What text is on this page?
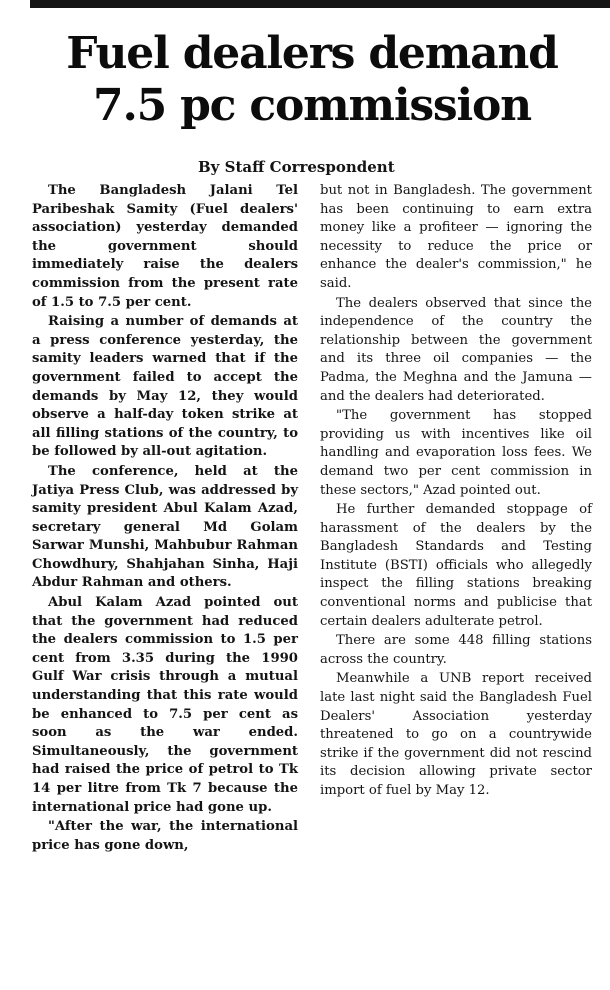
Fuel dealers demand
7.5 pc commission
By Staff Correspondent

The Bangladesh Jalani Tel Paribeshak Samity (Fuel dealers' association) yesterday demanded the government should immediately raise the dealers commission from the present rate of 1.5 to 7.5 per cent.

Raising a number of demands at a press conference yesterday, the samity leaders warned that if the government failed to accept the demands by May 12, they would observe a half-day token strike at all filling stations of the country, to be followed by all-out agitation.

The conference, held at the Jatiya Press Club, was addressed by samity president Abul Kalam Azad, secretary general Md Golam Sarwar Munshi, Mahbubur Rahman Chowdhury, Shahjahan Sinha, Haji Abdur Rahman and others.

Abul Kalam Azad pointed out that the government had reduced the dealers commission to 1.5 per cent from 3.35 during the 1990 Gulf War crisis through a mutual understanding that this rate would be enhanced to 7.5 per cent as soon as the war ended. Simultaneously, the government had raised the price of petrol to Tk 14 per litre from Tk 7 because the international price had gone up.

"After the war, the international price has gone down,

but not in Bangladesh. The government has been continuing to earn extra money like a profiteer — ignoring the necessity to reduce the price or enhance the dealer's commission," he said.

The dealers observed that since the independence of the country the relationship between the government and its three oil companies — the Padma, the Meghna and the Jamuna — and the dealers had deteriorated.

"The government has stopped providing us with incentives like oil handling and evaporation loss fees. We demand two per cent commission in these sectors," Azad pointed out.

He further demanded stoppage of harassment of the dealers by the Bangladesh Standards and Testing Institute (BSTI) officials who allegedly inspect the filling stations breaking conventional norms and publicise that certain dealers adulterate petrol.

There are some 448 filling stations across the country.

Meanwhile a UNB report received late last night said the Bangladesh Fuel Dealers' Association yesterday threatened to go on a countrywide strike if the government did not rescind its decision allowing private sector import of fuel by May 12.
